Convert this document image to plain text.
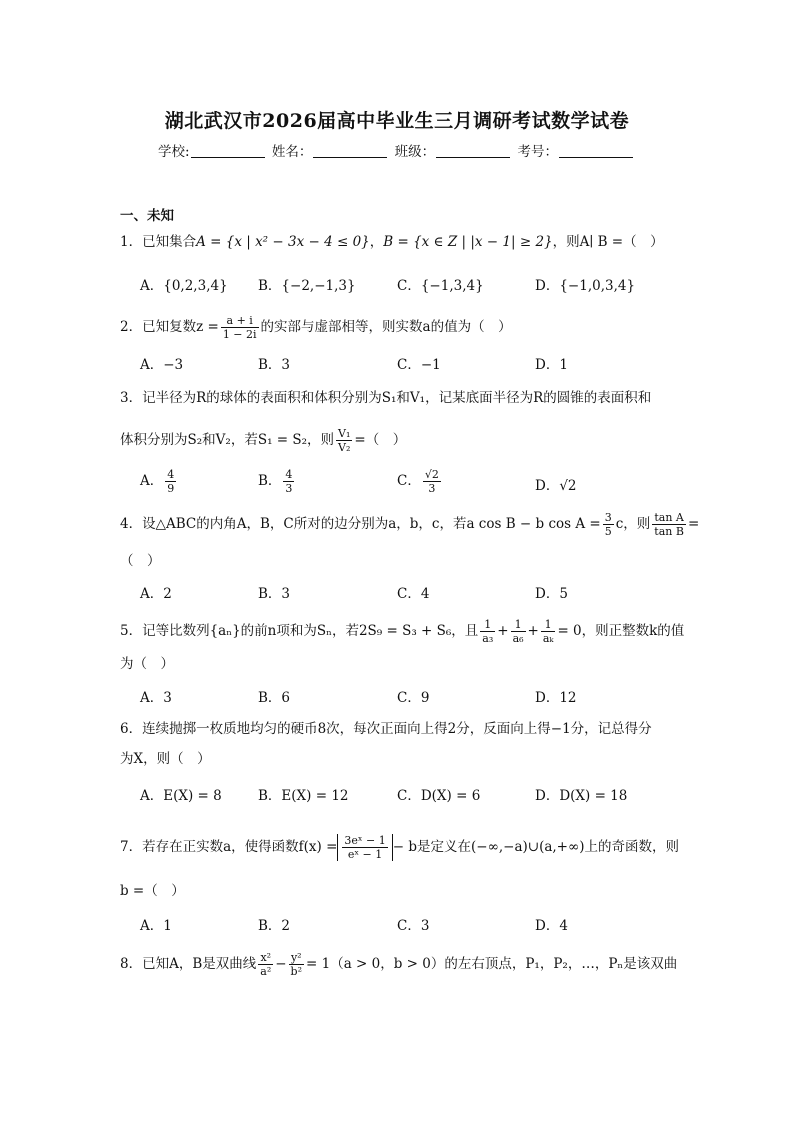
湖北武汉市2026届高中毕业生三月调研考试数学试卷
学校:	姓名：	班级：	考号：
一、未知
1．已知集合A = {x | x² − 3x − 4 ≤ 0}，B = {x ∈ Z | |x − 1| ≥ 2}，则A∣ B =（　）
A．{0,2,3,4} B．{−2,−1,3}	C．{−1,3,4}	D．{−1,0,3,4}
2．已知复数$z = \frac{a + i}{1 - 2i}$ 的实部与虚部相等，则实数a的值为（　）
A．−3	B．3	C．−1	D．1
3．记半径为R的球体的表面积和体积分别为S₁和V₁，记某底面半径为R的圆锥的表面积和
体积分别为S₂和V₂，若S₁ = S₂，则 $\frac{\text{V₁}}{\text{V₂}}$ =（　）
A． $\frac{4}{9}$	B． $\frac{4}{3}$	C． $\frac{√2}{3}$	D．√2
4．设△ABC的内角A，B，C所对的边分别为a，b，c，若a cos B − b $\cos A = \frac{3}{5}$ c，则 $\frac{\text{tan A}}{\text{tan B}}$ =
（　）
A．2	B．3	C．4	D．5
5．记等比数列{aₙ}的前n项和为Sₙ，若2S₉ = S₃ + S₆，且 $\frac{1}{\text{a₃}} + \frac{1}{\text{a₆}} + \frac{1}{\text{aₖ}} = 0$，则正整数k的值
为（　）
A．3	B．6	C．9	D．12
6．连续抛掷一枚质地均匀的硬币8次，每次正面向上得2分，反面向上得−1分，记总得分
为X，则（　）
A．E(X) = 8	B．E(X) = 12	C．D(X) = 6	D．D(X) = 18
7．若存在正实数a，使得函数$f(x) = \frac{\text{3eˣ − 1}}{\text{eˣ − 1}} - b$是定义在(−∞,−a)∪(a,+∞)上的奇函数，则
b =（　）
A．1	B．2	C．3	D．4
8．已知A，B是双曲线 $\frac{\text{x²}}{\text{a²}} - \frac{\text{y²}}{\text{b²}} = 1(a > 0$，b > 0）的左右顶点，P₁，P₂，…，Pₙ是该双曲
